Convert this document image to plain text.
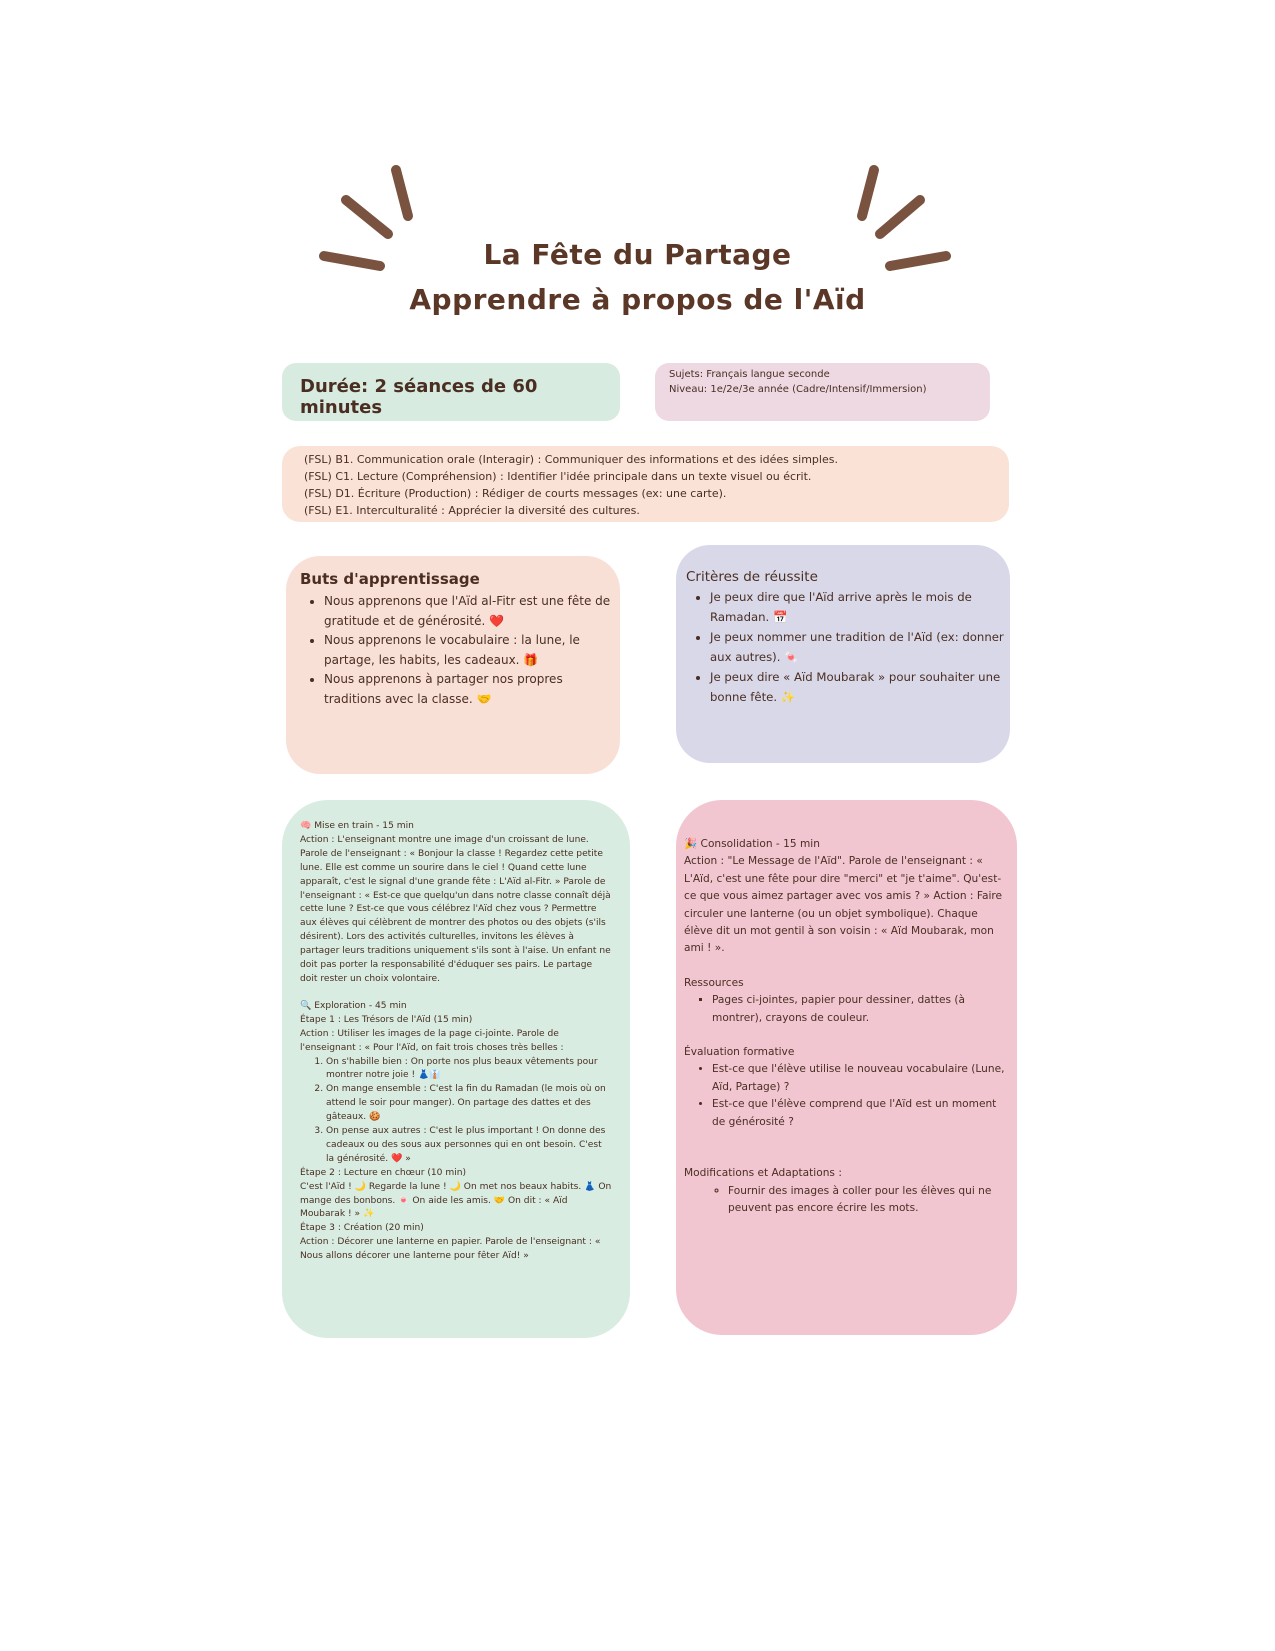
La Fête du Partage
Apprendre à propos de l'Aïd
Durée: 2 séances de 60 minutes
Sujets: Français langue seconde
Niveau: 1e/2e/3e année (Cadre/Intensif/Immersion)
(FSL) B1. Communication orale (Interagir) : Communiquer des informations et des idées simples.
(FSL) C1. Lecture (Compréhension) : Identifier l'idée principale dans un texte visuel ou écrit.
(FSL) D1. Écriture (Production) : Rédiger de courts messages (ex: une carte).
(FSL) E1. Interculturalité : Apprécier la diversité des cultures.
Buts d'apprentissage
• Nous apprenons que l'Aïd al-Fitr est une fête de gratitude et de générosité. ❤️
• Nous apprenons le vocabulaire : la lune, le partage, les habits, les cadeaux. 🎁
• Nous apprenons à partager nos propres traditions avec la classe. 🤝
Critères de réussite
• Je peux dire que l'Aïd arrive après le mois de Ramadan. 📅
• Je peux nommer une tradition de l'Aïd (ex: donner aux autres). 🍬
• Je peux dire « Aïd Moubarak » pour souhaiter une bonne fête. ✨

🧠 Mise en train - 15 min

Action : L'enseignant montre une image d'un croissant de lune. Parole de l'enseignant : « Bonjour la classe ! Regardez cette petite lune. Elle est comme un sourire dans le ciel ! Quand cette lune apparaît, c'est le signal d'une grande fête : L'Aïd al-Fitr. » Parole de l'enseignant : « Est-ce que quelqu'un dans notre classe connaît déjà cette lune ? Est-ce que vous célébrez l'Aïd chez vous ? Permettre aux élèves qui célèbrent de montrer des photos ou des objets (s'ils désirent). Lors des activités culturelles, invitons les élèves à partager leurs traditions uniquement s'ils sont à l'aise. Un enfant ne doit pas porter la responsabilité d'éduquer ses pairs. Le partage doit rester un choix volontaire.

🔍 Exploration - 45 min

Étape 1 : Les Trésors de l'Aïd (15 min)

Action : Utiliser les images de la page ci-jointe. Parole de l'enseignant : « Pour l'Aïd, on fait trois choses très belles :

1. On s'habille bien : On porte nos plus beaux vêtements pour montrer notre joie ! 👗👔
2. On mange ensemble : C'est la fin du Ramadan (le mois où on attend le soir pour manger). On partage des dattes et des gâteaux. 🍪
3. On pense aux autres : C'est le plus important ! On donne des cadeaux ou des sous aux personnes qui en ont besoin. C'est la générosité. ❤️ »

Étape 2 : Lecture en chœur (10 min)

C'est l'Aïd ! 🌙 Regarde la lune ! 🌙 On met nos beaux habits. 👗 On mange des bonbons. 🍬 On aide les amis. 🤝 On dit : « Aïd Moubarak ! » ✨

Étape 3 : Création (20 min)

Action : Décorer une lanterne en papier. Parole de l'enseignant : « Nous allons décorer une lanterne pour fêter Aïd! »

🎉 Consolidation - 15 min

Action : "Le Message de l'Aïd". Parole de l'enseignant : « L'Aïd, c'est une fête pour dire "merci" et "je t'aime". Qu'est-ce que vous aimez partager avec vos amis ? » Action : Faire circuler une lanterne (ou un objet symbolique). Chaque élève dit un mot gentil à son voisin : « Aïd Moubarak, mon ami ! ».

Ressources

▪ Pages ci-jointes, papier pour dessiner, dattes (à montrer), crayons de couleur.

Évaluation formative

• Est-ce que l'élève utilise le nouveau vocabulaire (Lune, Aïd, Partage) ?
• Est-ce que l'élève comprend que l'Aïd est un moment de générosité ?

Modifications et Adaptations :

◦ Fournir des images à coller pour les élèves qui ne peuvent pas encore écrire les mots.
